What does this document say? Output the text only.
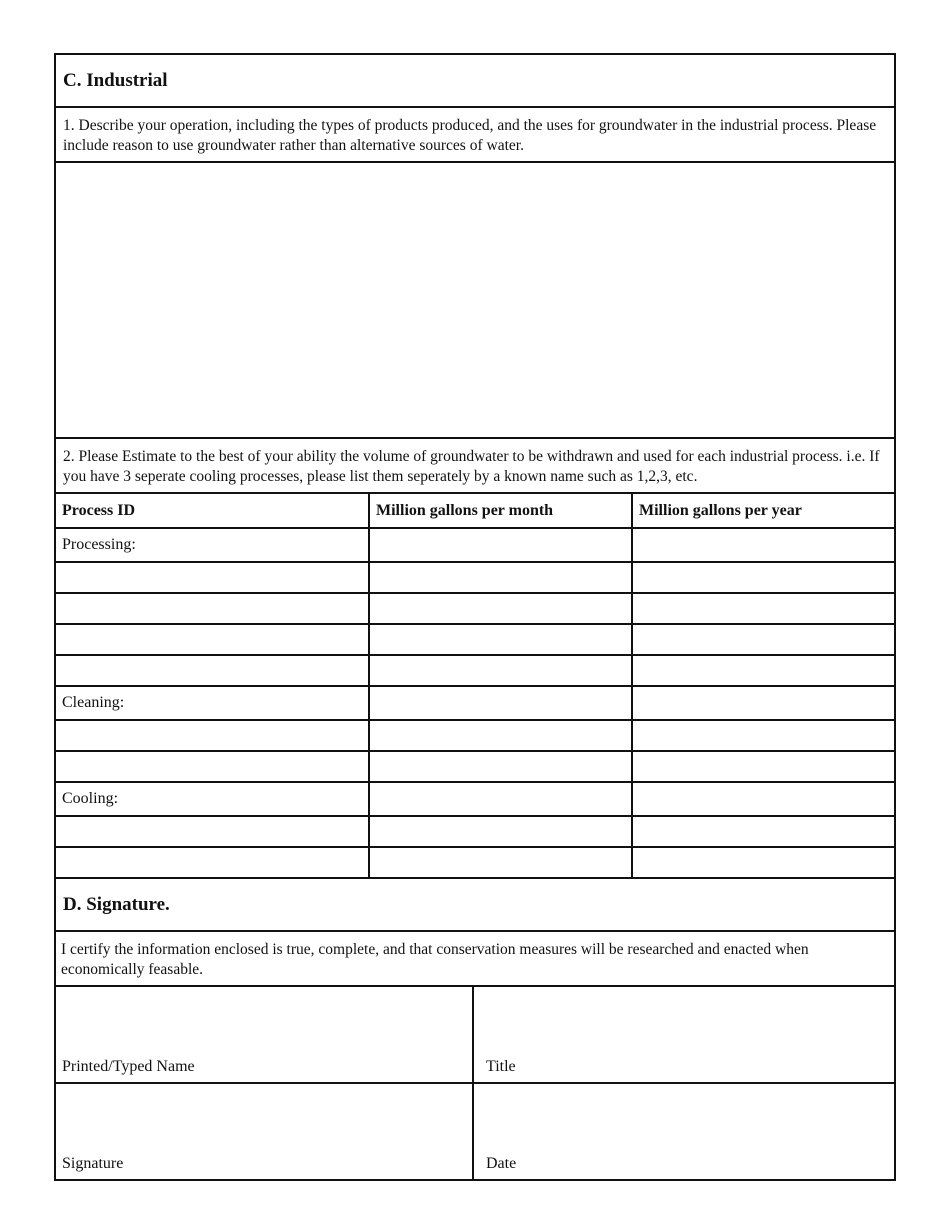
C. Industrial
1. Describe your operation, including the types of products produced, and the uses for groundwater in the industrial process. Please include reason to use groundwater rather than alternative sources of water.
2. Please Estimate to the best of your ability the volume of groundwater to be withdrawn and used for each industrial process. i.e. If you have 3 seperate cooling processes, please list them seperately by a known name such as 1,2,3, etc.
Process ID	Million gallons per month	Million gallons per year
Processing:
Cleaning:
Cooling:
D. Signature.
I certify the information enclosed is true, complete, and that conservation measures will be researched and enacted when economically feasable.
Printed/Typed Name	Title
Signature	Date
